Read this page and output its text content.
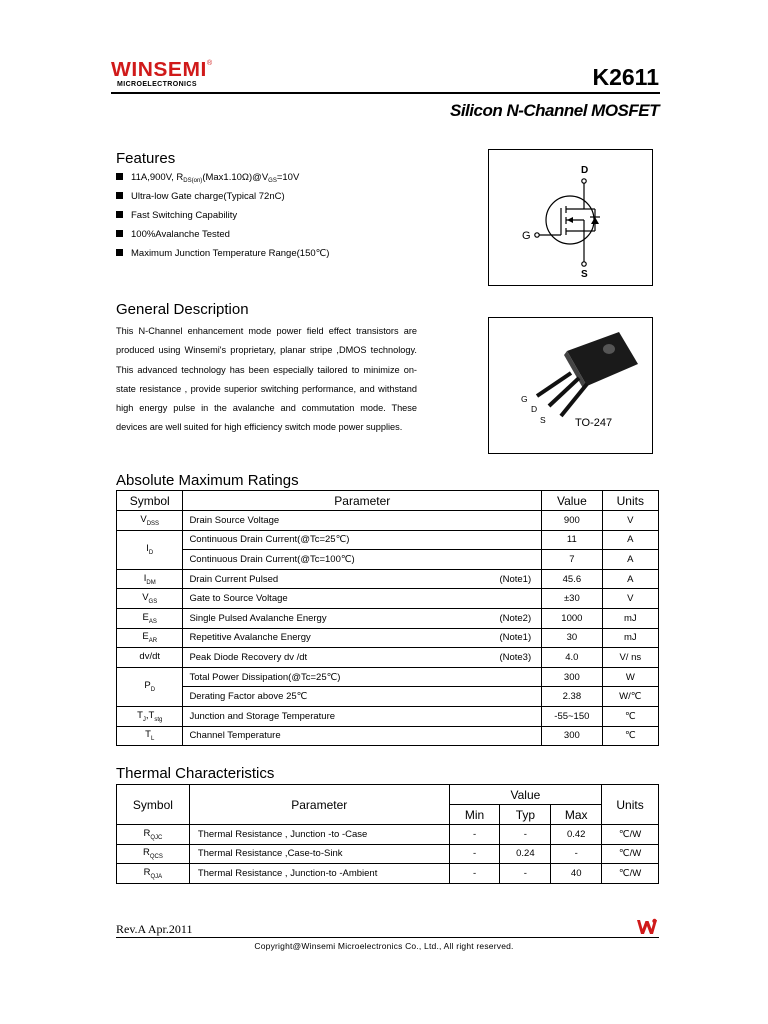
WINSEMI ®
MICROELECTRONICS	K2611
Silicon N-Channel MOSFET
Features
11A,900V, $R_{DS(on)}(Max1.10\Omega)@V_{GS}=10V$
Ultra-low Gate charge(Typical 72nC)
Fast Switching Capability
100%Avalanche Tested
Maximum Junction Temperature Range(150℃)
D
G
S
General Description
This N-Channel enhancement mode power field effect transistors are produced using Winsemi's proprietary, planar stripe ,DMOS technology. This advanced technology has been especially tailored to minimize on-state resistance , provide superior switching performance, and withstand high energy pulse in the avalanche and commutation mode. These devices are well suited for high efficiency switch mode power supplies.
G
D
S	TO-247
Absolute Maximum Ratings
Symbol	Parameter	Value	Units
$V_{DSS}$	Drain Source Voltage	900	V
$I_D$	Continuous Drain Current(@Tc=25℃)	11	A

	Continuous Drain Current(@Tc=100℃)	7	A
$I_{DM}$	Drain Current Pulsed (Note1)	45.6	A
$V_{GS}$	Gate to Source Voltage	±30	V
$E_{AS}$	Single Pulsed Avalanche Energy (Note2)	1000	mJ
$E_{AR}$	Repetitive Avalanche Energy (Note1)	30	mJ
dv/dt	Peak Diode Recovery dv /dt (Note3)	4.0	V/ ns
$P_D$	Total Power Dissipation(@Tc=25℃)	300	W

	Derating Factor above 25℃	2.38	W/℃
$T_J,T_{stg}$	Junction and Storage Temperature	-55~150	℃
$T_L$	Channel Temperature	300	℃
Thermal Characteristics
Symbol	Parameter	Value			Units
		Min	Typ	Max	
$R_{QJC}$	Thermal Resistance , Junction -to -Case	-	-	0.42	℃/W
$R_{QCS}$	Thermal Resistance ,Case-to-Sink	-	0.24	-	℃/W
$R_{QJA}$	Thermal Resistance , Junction-to -Ambient	-	-	40	℃/W
Rev.A Apr.2011
Copyright@Winsemi Microelectronics Co., Ltd., All right reserved.
